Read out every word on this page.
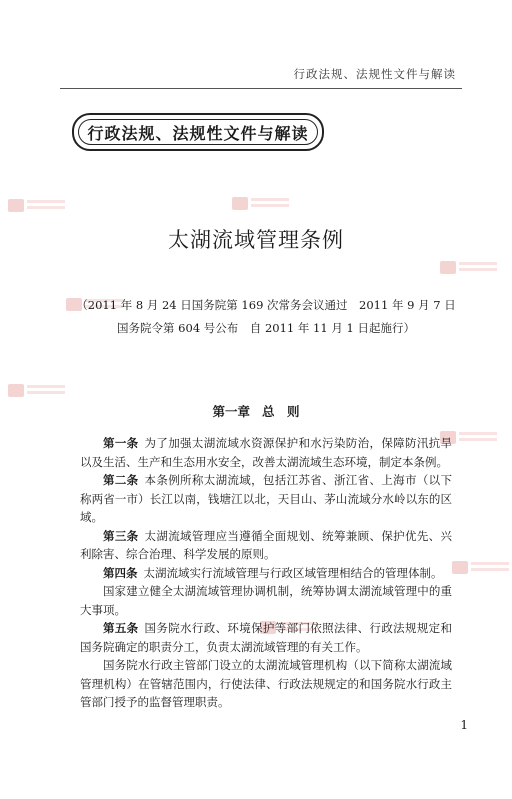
行政法规、法规性文件与解读
行政法规、法规性文件与解读
太湖流域管理条例
（2011 年 8 月 24 日国务院第 169 次常务会议通过　2011 年 9 月 7 日
国务院令第 604 号公布　自 2011 年 11 月 1 日起施行）
第一章 总　则

第一条 为了加强太湖流域水资源保护和水污染防治，保障防汛抗旱以及生活、生产和生态用水安全，改善太湖流域生态环境，制定本条例。

第二条 本条例所称太湖流域，包括江苏省、浙江省、上海市（以下称两省一市）长江以南，钱塘江以北，天目山、茅山流域分水岭以东的区域。

第三条 太湖流域管理应当遵循全面规划、统筹兼顾、保护优先、兴利除害、综合治理、科学发展的原则。

第四条 太湖流域实行流域管理与行政区域管理相结合的管理体制。

国家建立健全太湖流域管理协调机制，统筹协调太湖流域管理中的重大事项。

第五条 国务院水行政、环境保护等部门依照法律、行政法规规定和国务院确定的职责分工，负责太湖流域管理的有关工作。

国务院水行政主管部门设立的太湖流域管理机构（以下简称太湖流域管理机构）在管辖范围内，行使法律、行政法规规定的和国务院水行政主管部门授予的监督管理职责。

1
